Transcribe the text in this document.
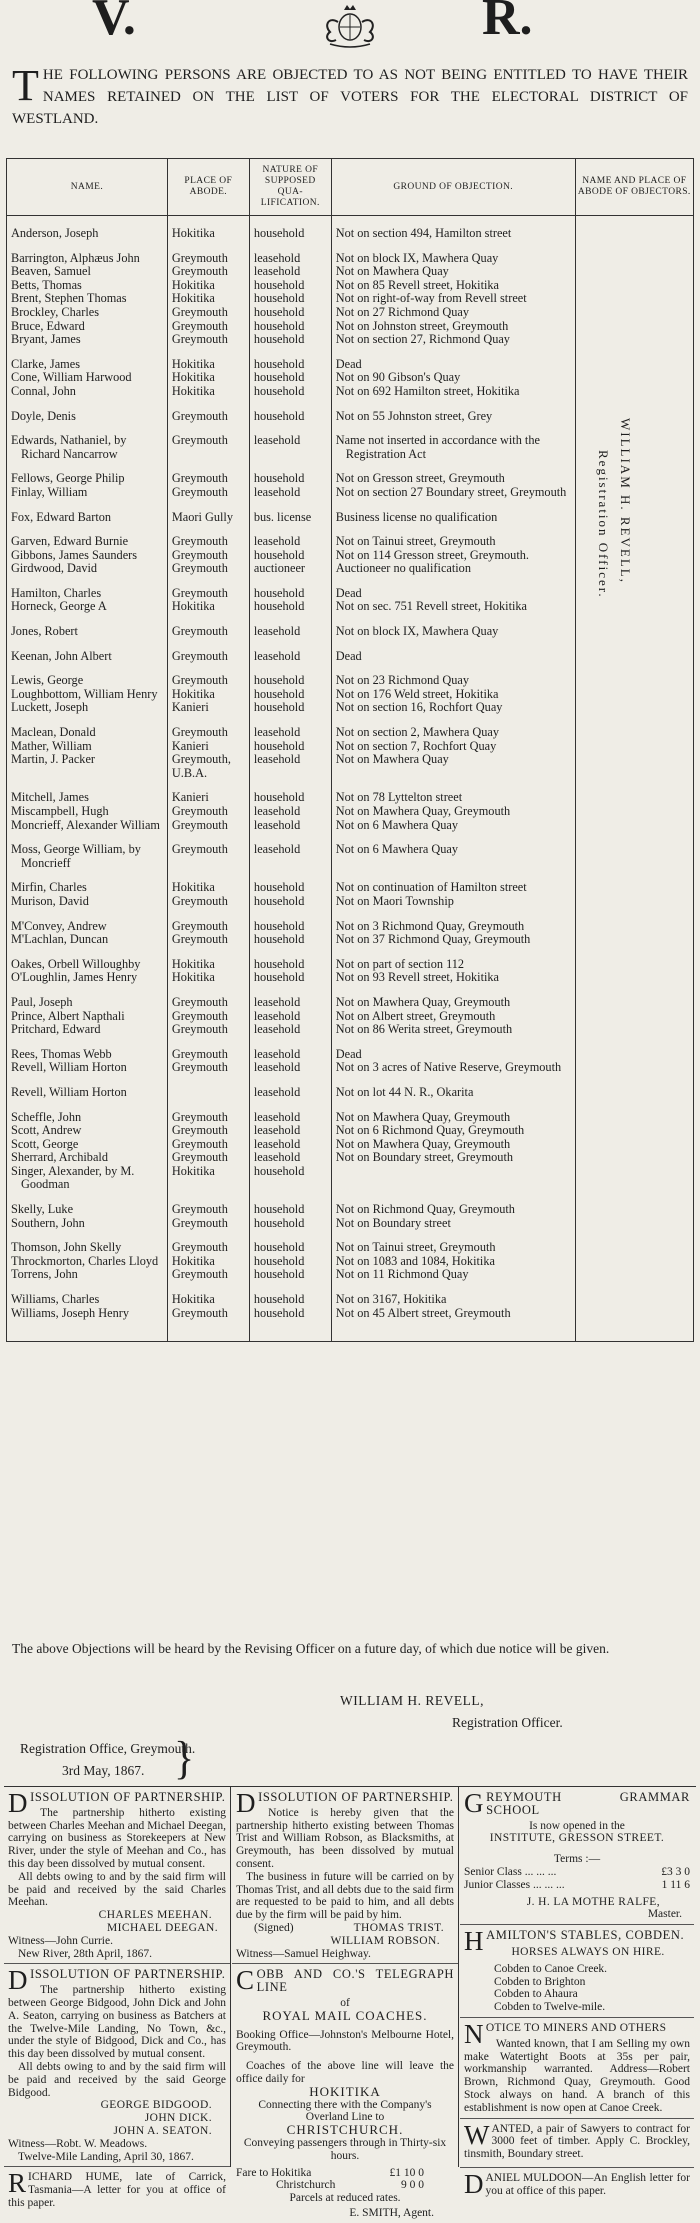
V.	R.
THE FOLLOWING PERSONS ARE OBJECTED TO AS NOT BEING ENTITLED TO HAVE THEIR NAMES RETAINED ON THE LIST OF VOTERS FOR THE ELECTORAL DISTRICT OF WESTLAND.
NAME.	PLACE OF ABODE.	NATURE OF SUPPOSED QUA-LIFICATION.	GROUND OF OBJECTION.	NAME AND PLACE OF ABODE OF OBJECTORS.

Anderson, Joseph	Hokitika	household	Not on section 494, Hamilton street	

Barrington, Alphæus John	Greymouth	leasehold	Not on block IX, Mawhera Quay	

Beaven, Samuel	Greymouth	leasehold	Not on Mawhera Quay	

Betts, Thomas	Hokitika	household	Not on 85 Revell street, Hokitika	

Brent, Stephen Thomas	Hokitika	household	Not on right-of-way from Revell street	

Brockley, Charles	Greymouth	household	Not on 27 Richmond Quay	

Bruce, Edward	Greymouth	household	Not on Johnston street, Greymouth	

Bryant, James	Greymouth	household	Not on section 27, Richmond Quay	

Clarke, James	Hokitika	household	Dead	

Cone, William Harwood	Hokitika	household	Not on 90 Gibson's Quay	

Connal, John	Hokitika	household	Not on 692 Hamilton street, Hokitika	

Doyle, Denis	Greymouth	household	Not on 55 Johnston street, Grey	

Edwards, Nathaniel, by Richard Nancarrow	Greymouth	leasehold	Name not inserted in accordance with the Registration Act	

Fellows, George Philip	Greymouth	household	Not on Gresson street, Greymouth	

Finlay, William	Greymouth	leasehold	Not on section 27 Boundary street, Greymouth	

Fox, Edward Barton	Maori Gully	bus. license	Business license no qualification	

Garven, Edward Burnie	Greymouth	leasehold	Not on Tainui street, Greymouth	

Gibbons, James Saunders	Greymouth	household	Not on 114 Gresson street, Greymouth.	

Girdwood, David	Greymouth	auctioneer	Auctioneer no qualification	

Hamilton, Charles	Greymouth	household	Dead	

Horneck, George A	Hokitika	household	Not on sec. 751 Revell street, Hokitika	

Jones, Robert	Greymouth	leasehold	Not on block IX, Mawhera Quay	

Keenan, John Albert	Greymouth	leasehold	Dead	

Lewis, George	Greymouth	household	Not on 23 Richmond Quay	

Loughbottom, William Henry	Hokitika	household	Not on 176 Weld street, Hokitika	

Luckett, Joseph	Kanieri	household	Not on section 16, Rochfort Quay	

Maclean, Donald	Greymouth	leasehold	Not on section 2, Mawhera Quay	

Mather, William	Kanieri	household	Not on section 7, Rochfort Quay	

Martin, J. Packer	Greymouth, U.B.A.	leasehold	Not on Mawhera Quay	

Mitchell, James	Kanieri	household	Not on 78 Lyttelton street	

Miscampbell, Hugh	Greymouth	leasehold	Not on Mawhera Quay, Greymouth	

Moncrieff, Alexander William	Greymouth	leasehold	Not on 6 Mawhera Quay	

Moss, George William, by Moncrieff	Greymouth	leasehold	Not on 6 Mawhera Quay	

Mirfin, Charles	Hokitika	household	Not on continuation of Hamilton street	

Murison, David	Greymouth	household	Not on Maori Township	

M'Convey, Andrew	Greymouth	household	Not on 3 Richmond Quay, Greymouth	

M'Lachlan, Duncan	Greymouth	household	Not on 37 Richmond Quay, Greymouth	

Oakes, Orbell Willoughby	Hokitika	household	Not on part of section 112	

O'Loughlin, James Henry	Hokitika	household	Not on 93 Revell street, Hokitika	

Paul, Joseph	Greymouth	leasehold	Not on Mawhera Quay, Greymouth	

Prince, Albert Napthali	Greymouth	leasehold	Not on Albert street, Greymouth	

Pritchard, Edward	Greymouth	leasehold	Not on 86 Werita street, Greymouth	

Rees, Thomas Webb	Greymouth	leasehold	Dead	

Revell, William Horton	Greymouth	leasehold	Not on 3 acres of Native Reserve, Greymouth	

Revell, William Horton		leasehold	Not on lot 44 N. R., Okarita	

Scheffle, John	Greymouth	leasehold	Not on Mawhera Quay, Greymouth	

Scott, Andrew	Greymouth	leasehold	Not on 6 Richmond Quay, Greymouth	

Scott, George	Greymouth	leasehold	Not on Mawhera Quay, Greymouth	

Sherrard, Archibald	Greymouth	leasehold	Not on Boundary street, Greymouth	

Singer, Alexander, by M. Goodman	Hokitika	household	

Skelly, Luke	Greymouth	household	Not on Richmond Quay, Greymouth	

Southern, John	Greymouth	household	Not on Boundary street	

Thomson, John Skelly	Greymouth	household	Not on Tainui street, Greymouth	

Throckmorton, Charles Lloyd	Hokitika	household	Not on 1083 and 1084, Hokitika	

Torrens, John	Greymouth	household	Not on 11 Richmond Quay	

Williams, Charles	Hokitika	household	Not on 3167, Hokitika	

Williams, Joseph Henry	Greymouth	household	Not on 45 Albert street, Greymouth	

WILLIAM H. REVELL,
Registration Officer.
The above Objections will be heard by the Revising Officer on a future day, of which due notice will be given.
WILLIAM H. REVELL,
Registration Officer.
Registration Office, Greymouth.
3rd May, 1867. }
DISSOLUTION OF PARTNERSHIP.

The partnership hitherto existing between Charles Meehan and Michael Deegan, carrying on business as Storekeepers at New River, under the style of Meehan and Co., has this day been dissolved by mutual consent.

All debts owing to and by the said firm will be paid and received by the said Charles Meehan.

CHARLES MEEHAN.
MICHAEL DEEGAN.
Witness—John Currie.
New River, 28th April, 1867.
DISSOLUTION OF PARTNERSHIP.

The partnership hitherto existing between George Bidgood, John Dick and John A. Seaton, carrying on business as Batchers at the Twelve-Mile Landing, No Town, &c., under the style of Bidgood, Dick and Co., has this day been dissolved by mutual consent.

All debts owing to and by the said firm will be paid and received by the said George Bidgood.

GEORGE BIDGOOD.
JOHN DICK.
JOHN A. SEATON.
Witness—Robt. W. Meadows.
Twelve-Mile Landing, April 30, 1867.
RICHARD HUME, late of Carrick, Tasmania—A letter for you at office of this paper.
DISSOLUTION OF PARTNERSHIP.

Notice is hereby given that the partnership hitherto existing between Thomas Trist and William Robson, as Blacksmiths, at Greymouth, has been dissolved by mutual consent.

The business in future will be carried on by Thomas Trist, and all debts due to the said firm are requested to be paid to him, and all debts due by the firm will be paid by him.

(Signed)	THOMAS TRIST.
WILLIAM ROBSON.
Witness—Samuel Heighway.
COBB AND CO.'S TELEGRAPH LINE
of
ROYAL MAIL COACHES.
Booking Office—Johnston's Melbourne Hotel, Greymouth.

Coaches of the above line will leave the office daily for

HOKITIKA
Connecting there with the Company's Overland Line to
CHRISTCHURCH.
Conveying passengers through in Thirty-six hours.
Fare to Hokitika	£1 10 0
Christchurch	9 0 0
Parcels at reduced rates.
E. SMITH, Agent.
GREYMOUTH GRAMMAR SCHOOL
Is now opened in the
INSTITUTE, GRESSON STREET.
Terms :—
Senior Class ... ... ...	£3 3 0
Junior Classes ... ... ...	1 11 6
J. H. LA MOTHE RALFE,
Master.
HAMILTON'S STABLES, COBDEN.
HORSES ALWAYS ON HIRE.
Cobden to Canoe Creek.
Cobden to Brighton
Cobden to Ahaura
Cobden to Twelve-mile.
NOTICE TO MINERS AND OTHERS

Wanted known, that I am Selling my own make Watertight Boots at 35s per pair, workmanship warranted. Address—Robert Brown, Richmond Quay, Greymouth. Good Stock always on hand. A branch of this establishment is now open at Canoe Creek.

WANTED, a pair of Sawyers to contract for 3000 feet of timber. Apply C. Brockley, tinsmith, Boundary street.
DANIEL MULDOON—An English letter for you at office of this paper.
